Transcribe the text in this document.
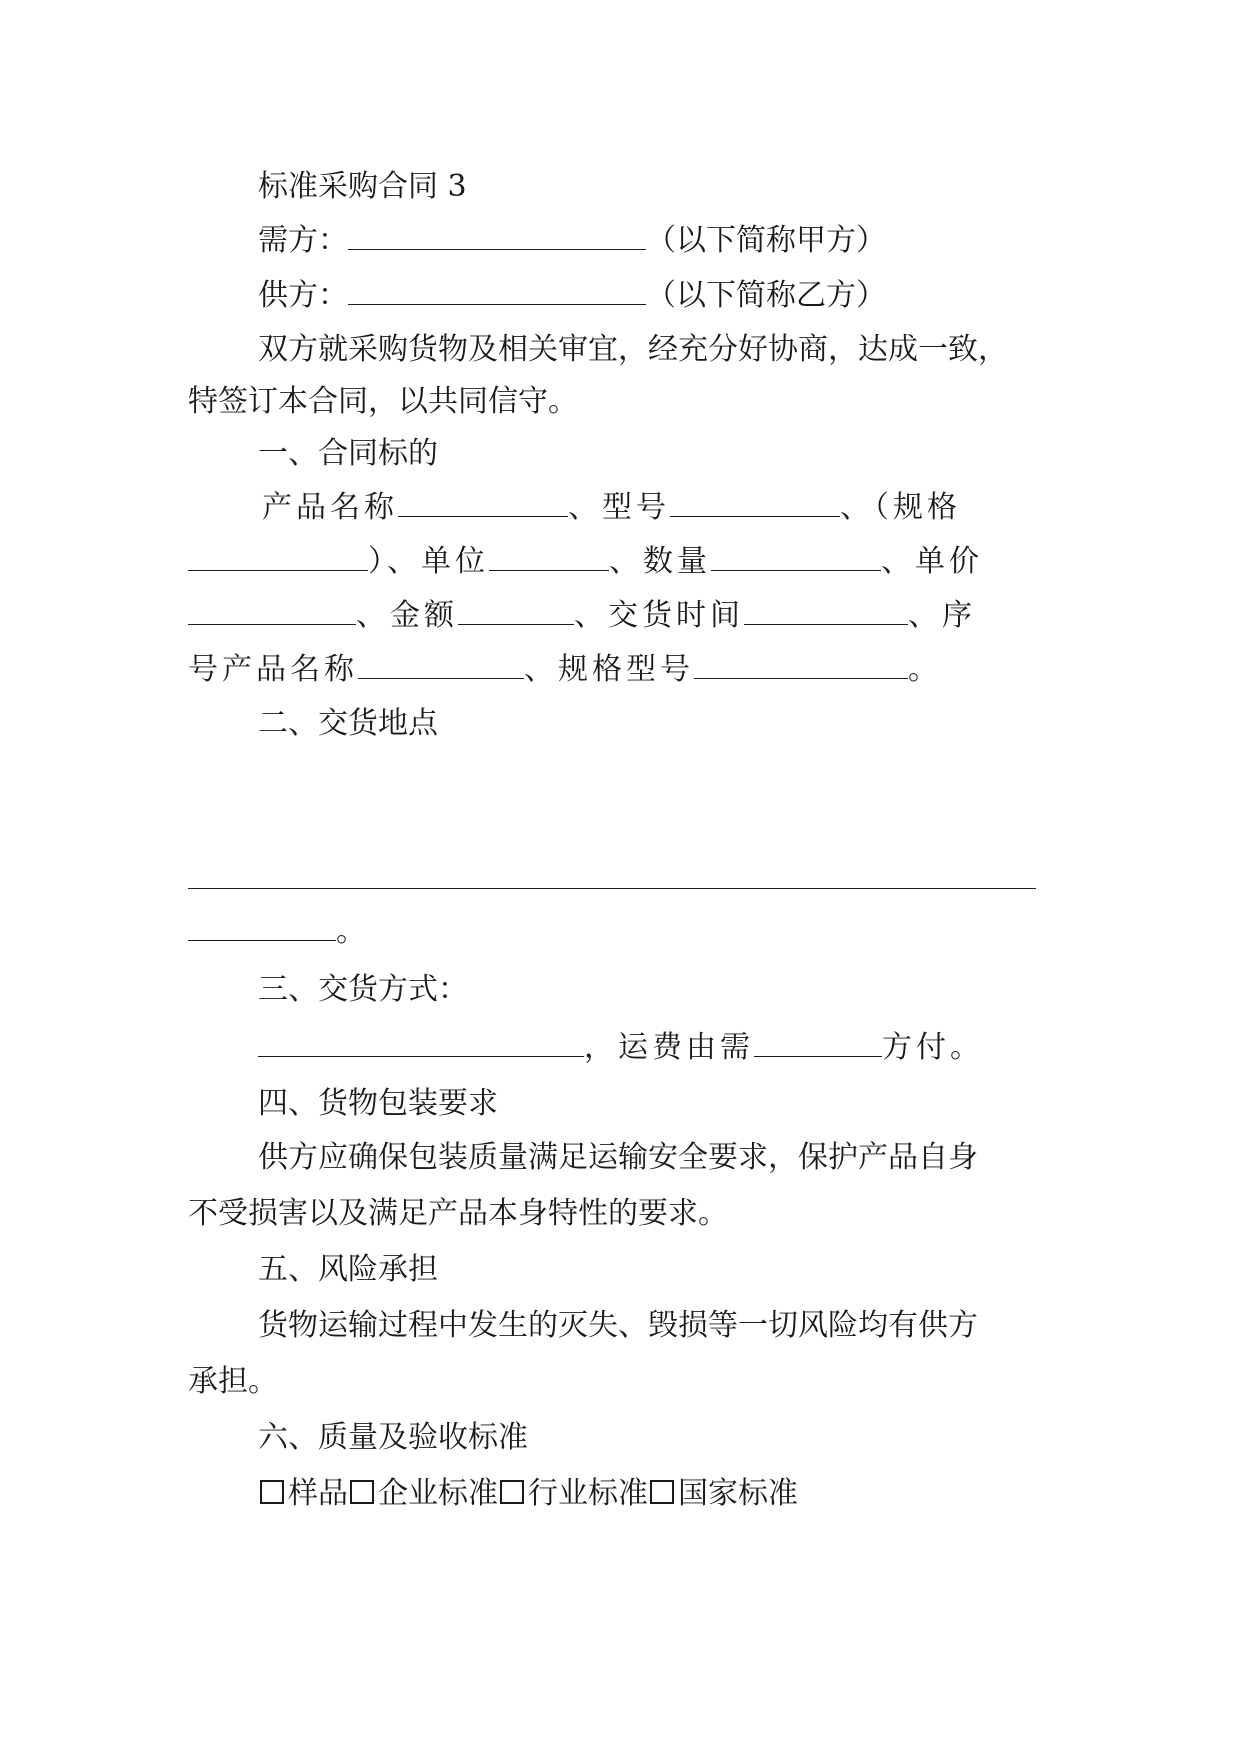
标准采购合同 3
需方：	（以下简称甲方）
供方：	（以下简称乙方）
双方就采购货物及相关审宜，经充分好协商，达成一致，
特签订本合同，以共同信守。
一、合同标的
产品名称	、型号	、（规格
）、单位	、数量	、单价
、金额	、交货时间	、序
号产品名称	、规格型号	。
二、交货地点
。
三、交货方式：
，运费由需	方付。
四、货物包装要求
供方应确保包装质量满足运输安全要求，保护产品自身
不受损害以及满足产品本身特性的要求。
五、风险承担
货物运输过程中发生的灭失、毁损等一切风险均有供方
承担。
六、质量及验收标准
样品 企业标准 行业标准 国家标准
